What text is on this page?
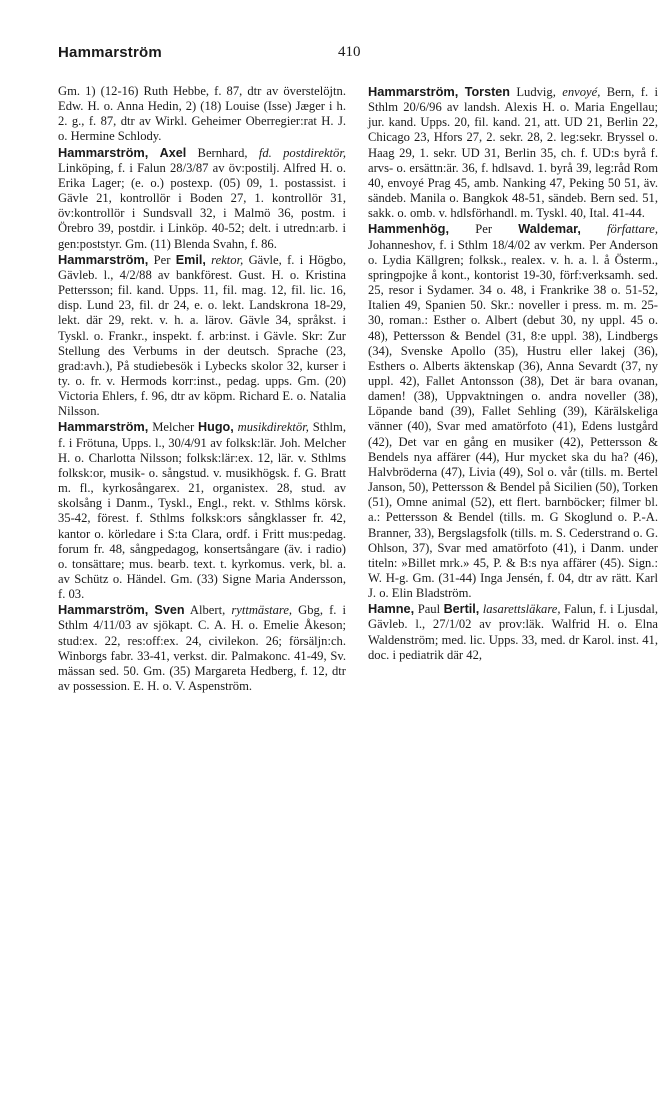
Hammarström	410

Gm. 1) (12-16) Ruth Hebbe, f. 87, dtr av överstelöjtn. Edw. H. o. Anna Hedin, 2) (18) Louise (Isse) Jæger i h. 2. g., f. 87, dtr av Wirkl. Geheimer Oberregier:rat H. J. o. Hermine Schlody.

Hammarström, Axel Bernhard, fd. postdirektör, Linköping, f. i Falun 28/3/87 av öv:postilj. Alfred H. o. Erika Lager; (e. o.) postexp. (05) 09, 1. postassist. i Gävle 21, kontrollör i Boden 27, 1. kontrollör 31, öv:kontrollör i Sundsvall 32, i Malmö 36, postm. i Örebro 39, postdir. i Linköp. 40-52; delt. i utredn:arb. i gen:poststyr. Gm. (11) Blenda Svahn, f. 86.

Hammarström, Per Emil, rektor, Gävle, f. i Högbo, Gävleb. l., 4/2/88 av bankförest. Gust. H. o. Kristina Pettersson; fil. kand. Upps. 11, fil. mag. 12, fil. lic. 16, disp. Lund 23, fil. dr 24, e. o. lekt. Landskrona 18-29, lekt. där 29, rekt. v. h. a. lärov. Gävle 34, språkst. i Tyskl. o. Frankr., inspekt. f. arb:inst. i Gävle. Skr: Zur Stellung des Verbums in der deutsch. Sprache (23, grad:avh.), På studiebesök i Lybecks skolor 32, kurser i ty. o. fr. v. Hermods korr:inst., pedag. upps. Gm. (20) Victoria Ehlers, f. 96, dtr av köpm. Richard E. o. Natalia Nilsson.

Hammarström, Melcher Hugo, musikdirektör, Sthlm, f. i Frötuna, Upps. l., 30/4/91 av folksk:lär. Joh. Melcher H. o. Charlotta Nilsson; folksk:lär:ex. 12, lär. v. Sthlms folksk:or, musik- o. sångstud. v. musikhögsk. f. G. Bratt m. fl., kyrkosångarex. 21, organistex. 28, stud. av skolsång i Danm., Tyskl., Engl., rekt. v. Sthlms körsk. 35-42, förest. f. Sthlms folksk:ors sångklasser fr. 42, kantor o. körledare i S:ta Clara, ordf. i Fritt mus:pedag. forum fr. 48, sångpedagog, konsertsångare (äv. i radio) o. tonsättare; mus. bearb. text. t. kyrkomus. verk, bl. a. av Schütz o. Händel. Gm. (33) Signe Maria Andersson, f. 03.

Hammarström, Sven Albert, ryttmästare, Gbg, f. i Sthlm 4/11/03 av sjökapt. C. A. H. o. Emelie Åkeson; stud:ex. 22, res:off:ex. 24, civilekon. 26; försäljn:ch. Winborgs fabr. 33-41, verkst. dir. Palmakonc. 41-49, Sv. mässan sed. 50. Gm. (35) Margareta Hedberg, f. 12, dtr av possession. E. H. o. V. Aspenström.

Hammarström, Torsten Ludvig, envoyé, Bern, f. i Sthlm 20/6/96 av landsh. Alexis H. o. Maria Engellau; jur. kand. Upps. 20, fil. kand. 21, att. UD 21, Berlin 22, Chicago 23, Hfors 27, 2. sekr. 28, 2. leg:sekr. Bryssel o. Haag 29, 1. sekr. UD 31, Berlin 35, ch. f. UD:s byrå f. arvs- o. ersättn:är. 36, f. hdlsavd. 1. byrå 39, leg:råd Rom 40, envoyé Prag 45, amb. Nanking 47, Peking 50 51, äv. sändeb. Manila o. Bangkok 48-51, sändeb. Bern sed. 51, sakk. o. omb. v. hdlsförhandl. m. Tyskl. 40, Ital. 41-44.

Hammenhög, Per Waldemar, författare, Johanneshov, f. i Sthlm 18/4/02 av verkm. Per Anderson o. Lydia Källgren; folksk., realex. v. h. a. l. å Österm., springpojke å kont., kontorist 19-30, förf:verksamh. sed. 25, resor i Sydamer. 34 o. 48, i Frankrike 38 o. 51-52, Italien 49, Spanien 50. Skr.: noveller i press. m. m. 25-30, roman.: Esther o. Albert (debut 30, ny uppl. 45 o. 48), Pettersson & Bendel (31, 8:e uppl. 38), Lindbergs (34), Svenske Apollo (35), Hustru eller lakej (36), Esthers o. Alberts äktenskap (36), Anna Sevardt (37, ny uppl. 42), Fallet Antonsson (38), Det är bara ovanan, damen! (38), Uppvaktningen o. andra noveller (38), Löpande band (39), Fallet Sehling (39), Kärälskeliga vänner (40), Svar med amatörfoto (41), Edens lustgård (42), Det var en gång en musiker (42), Pettersson & Bendels nya affärer (44), Hur mycket ska du ha? (46), Halvbröderna (47), Livia (49), Sol o. vår (tills. m. Bertel Janson, 50), Pettersson & Bendel på Sicilien (50), Torken (51), Omne animal (52), ett flert. barnböcker; filmer bl. a.: Pettersson & Bendel (tills. m. G Skoglund o. P.-A. Branner, 33), Bergslagsfolk (tills. m. S. Cederstrand o. G. Ohlson, 37), Svar med amatörfoto (41), i Danm. under titeln: »Billet mrk.» 45, P. & B:s nya affärer (45). Sign.: W. H-g. Gm. (31-44) Inga Jensén, f. 04, dtr av rätt. Karl J. o. Elin Bladström.

Hamne, Paul Bertil, lasarettsläkare, Falun, f. i Ljusdal, Gävleb. l., 27/1/02 av prov:läk. Walfrid H. o. Elna Waldenström; med. lic. Upps. 33, med. dr Karol. inst. 41, doc. i pediatrik där 42,
